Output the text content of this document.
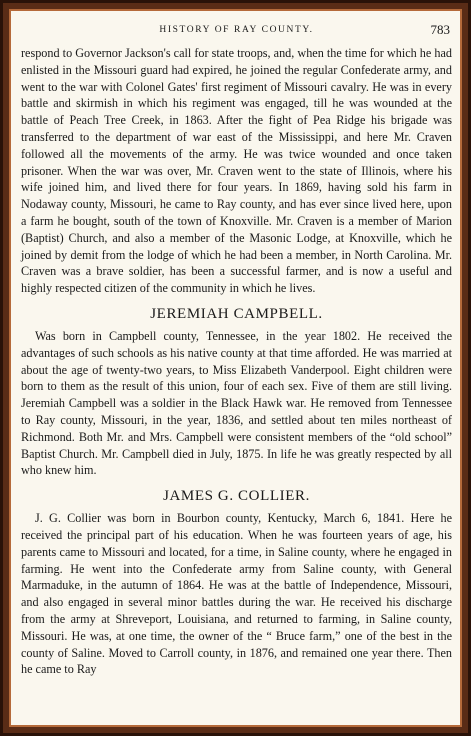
HISTORY OF RAY COUNTY.	783

respond to Governor Jackson's call for state troops, and, when the time for which he had enlisted in the Missouri guard had expired, he joined the regular Confederate army, and went to the war with Colonel Gates' first regiment of Missouri cavalry. He was in every battle and skirmish in which his regiment was engaged, till he was wounded at the battle of Peach Tree Creek, in 1863. After the fight of Pea Ridge his brigade was transferred to the department of war east of the Mississippi, and here Mr. Craven followed all the movements of the army. He was twice wounded and once taken prisoner. When the war was over, Mr. Craven went to the state of Illinois, where his wife joined him, and lived there for four years. In 1869, having sold his farm in Nodaway county, Missouri, he came to Ray county, and has ever since lived here, upon a farm he bought, south of the town of Knoxville. Mr. Craven is a member of Marion (Baptist) Church, and also a member of the Masonic Lodge, at Knoxville, which he joined by demit from the lodge of which he had been a member, in North Carolina. Mr. Craven was a brave soldier, has been a successful farmer, and is now a useful and highly respected citizen of the community in which he lives.

JEREMIAH CAMPBELL.

Was born in Campbell county, Tennessee, in the year 1802. He received the advantages of such schools as his native county at that time afforded. He was married at about the age of twenty-two years, to Miss Elizabeth Vanderpool. Eight children were born to them as the result of this union, four of each sex. Five of them are still living. Jeremiah Campbell was a soldier in the Black Hawk war. He removed from Tennessee to Ray county, Missouri, in the year, 1836, and settled about ten miles northeast of Richmond. Both Mr. and Mrs. Campbell were consistent members of the “old school” Baptist Church. Mr. Campbell died in July, 1875. In life he was greatly respected by all who knew him.

JAMES G. COLLIER.

J. G. Collier was born in Bourbon county, Kentucky, March 6, 1841. Here he received the principal part of his education. When he was fourteen years of age, his parents came to Missouri and located, for a time, in Saline county, where he engaged in farming. He went into the Confederate army from Saline county, with General Marmaduke, in the autumn of 1864. He was at the battle of Independence, Missouri, and also engaged in several minor battles during the war. He received his discharge from the army at Shreveport, Louisiana, and returned to farming, in Saline county, Missouri. He was, at one time, the owner of the “ Bruce farm,” one of the best in the county of Saline. Moved to Carroll county, in 1876, and remained one year there. Then he came to Ray
